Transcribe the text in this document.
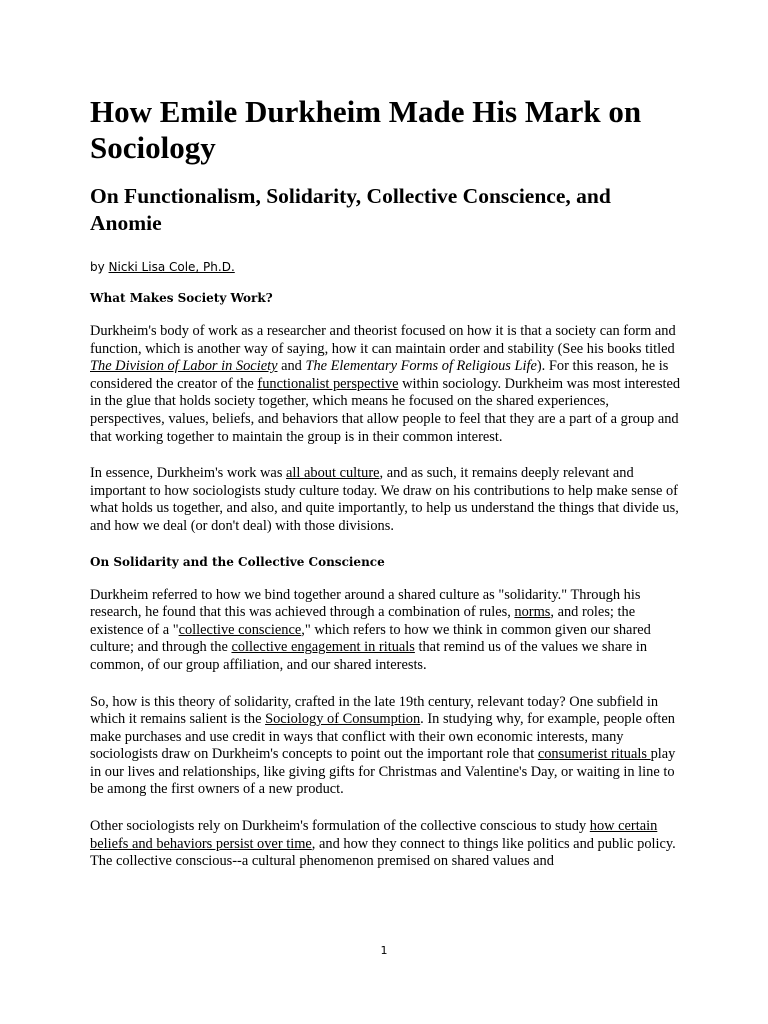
How Emile Durkheim Made His Mark on Sociology
On Functionalism, Solidarity, Collective Conscience, and Anomie
by Nicki Lisa Cole, Ph.D.
What Makes Society Work?

Durkheim's body of work as a researcher and theorist focused on how it is that a society can form and function, which is another way of saying, how it can maintain order and stability (See his books titled The Division of Labor in Society and The Elementary Forms of Religious Life). For this reason, he is considered the creator of the functionalist perspective within sociology. Durkheim was most interested in the glue that holds society together, which means he focused on the shared experiences, perspectives, values, beliefs, and behaviors that allow people to feel that they are a part of a group and that working together to maintain the group is in their common interest.

In essence, Durkheim's work was all about culture, and as such, it remains deeply relevant and important to how sociologists study culture today. We draw on his contributions to help make sense of what holds us together, and also, and quite importantly, to help us understand the things that divide us, and how we deal (or don't deal) with those divisions.

On Solidarity and the Collective Conscience

Durkheim referred to how we bind together around a shared culture as "solidarity." Through his research, he found that this was achieved through a combination of rules, norms, and roles; the existence of a "collective conscience," which refers to how we think in common given our shared culture; and through the collective engagement in rituals that remind us of the values we share in common, of our group affiliation, and our shared interests.

So, how is this theory of solidarity, crafted in the late 19th century, relevant today? One subfield in which it remains salient is the Sociology of Consumption. In studying why, for example, people often make purchases and use credit in ways that conflict with their own economic interests, many sociologists draw on Durkheim's concepts to point out the important role that consumerist rituals play in our lives and relationships, like giving gifts for Christmas and Valentine's Day, or waiting in line to be among the first owners of a new product.

Other sociologists rely on Durkheim's formulation of the collective conscious to study how certain beliefs and behaviors persist over time, and how they connect to things like politics and public policy. The collective conscious--a cultural phenomenon premised on shared values and

1
